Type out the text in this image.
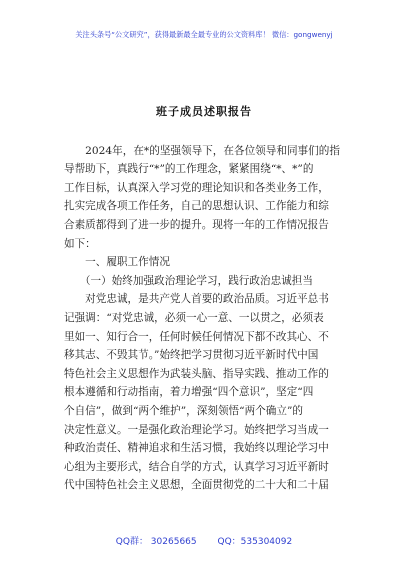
关注头条号“公文研究”，获得最新最全最专业的公文资料库！ 微信：gongwenyj
班子成员述职报告
　　2024年，在*的坚强领导下，在各位领导和同事们的指
导帮助下，真践行“*”的工作理念，紧紧围绕“*、*”的
工作目标，认真深入学习党的理论知识和各类业务工作，
扎实完成各项工作任务，自己的思想认识、工作能力和综
合素质都得到了进一步的提升。现将一年的工作情况报告
如下：
　　一、履职工作情况
　　（一）始终加强政治理论学习，践行政治忠诚担当
　　对党忠诚，是共产党人首要的政治品质。习近平总书
记强调：“对党忠诚，必须一心一意、一以贯之，必须表
里如一、知行合一，任何时候任何情况下都不改其心、不
移其志、不毁其节。”始终把学习贯彻习近平新时代中国
特色社会主义思想作为武装头脑、指导实践、推动工作的
根本遵循和行动指南，着力增强“四个意识”，坚定“四
个自信”，做到“两个维护”，深刻领悟“两个确立”的
决定性意义。一是强化政治理论学习。始终把学习当成一
种政治责任、精神追求和生活习惯，我始终以理论学习中
心组为主要形式，结合自学的方式，认真学习习近平新时
代中国特色社会主义思想，全面贯彻党的二十大和二十届
QQ群： 30265665 QQ：535304092
